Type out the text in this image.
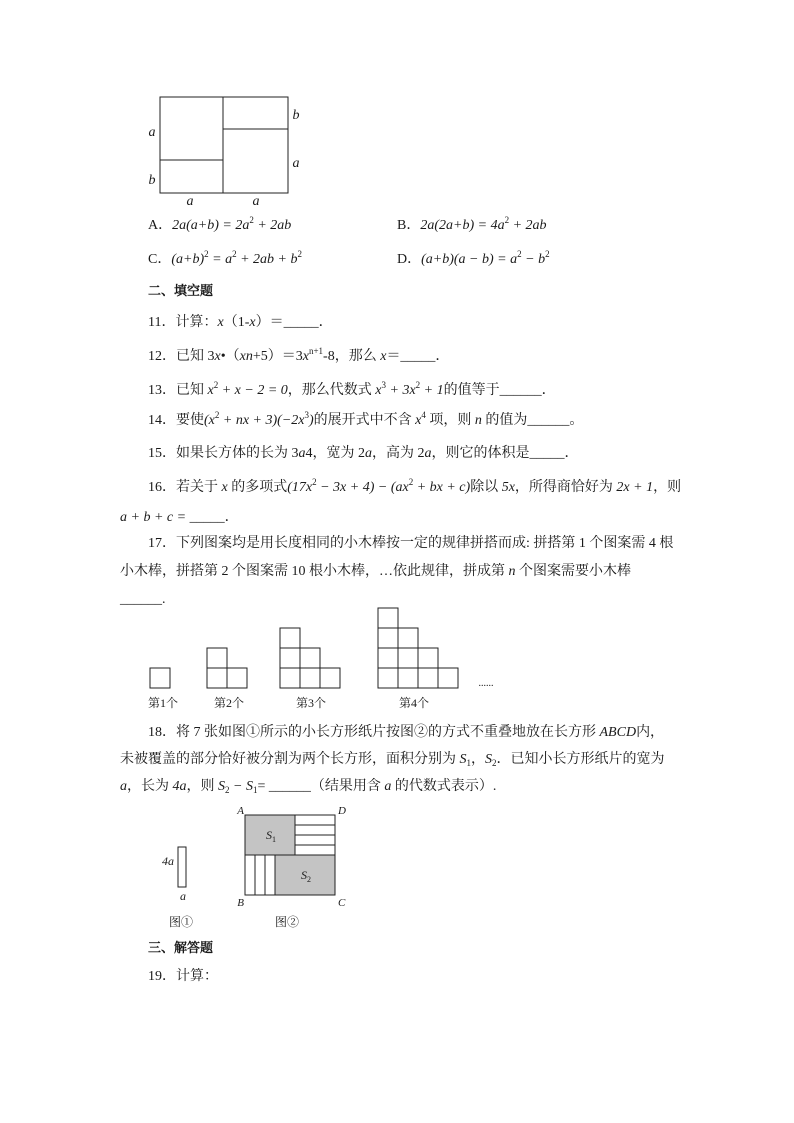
a
b
b
a
a	a
A．$2a(a+b) = 2a^2 + 2ab$	B．$2a(2a+b) = 4a^2 + 2ab$
C．$(a+b)^2 = a^2 + 2ab + b^2$	D．$(a+b)(a - b) = a^2 - b^2$
二、填空题
11．计算：x（1-x）＝_____．
12．已知 $3x•(xn+5)=3x^{n+1}-8$，那么 x＝_____．
13．已知 $x^2 + x - 2 = 0$，那么代数式 $x^3 + 3x^2 + 1$的值等于______．
14．要使($x^2$ + nx + $3)(-2x^3)$的展开式中不含 $x^4$ 项，则 n 的值为______。
15．如果长方体的长为 3a4，宽为 2a，高为 2a，则它的体积是_____．
16．若关于 x 的多项式$(17x^2 - 3x + 4) - (ax^2$ + bx + c)除以 5x，所得商恰好为 2x + 1，则
a + b + c = _____．
17．下列图案均是用长度相同的小木棒按一定的规律拼搭而成: 拼搭第 1 个图案需 4 根
小木棒，拼搭第 2 个图案需 10 根小木棒，…依此规律，拼成第 n 个图案需要小木棒
______.
第1个	第2个	第3个	第4个
......
18．将 7 张如图①所示的小长方形纸片按图②的方式不重叠地放在长方形 ABCD内，
未被覆盖的部分恰好被分割为两个长方形，面积分别为 $S_1$，$S_2$．已知小长方形纸片的宽为
a，长为 4a，则 $S_2 - S_1=$ ______（结果用含 a 的代数式表示）.
4a
a
图①
A	D
B	C
$S_1$
$S_2$
图②
三、解答题
19．计算：
